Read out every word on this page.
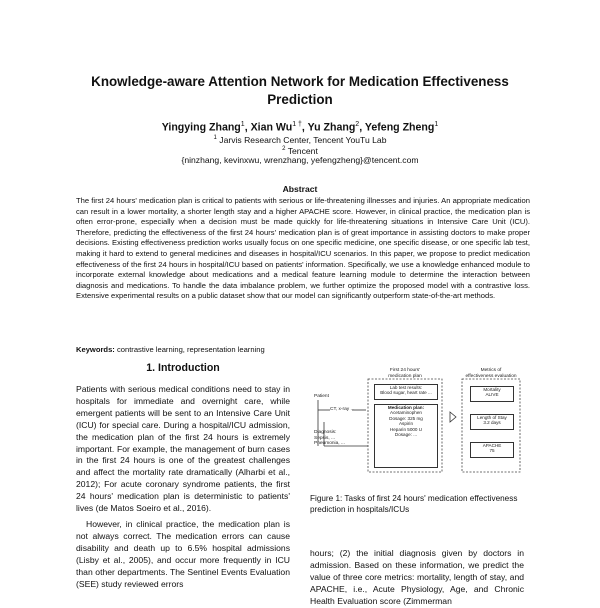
Knowledge-aware Attention Network for Medication Effectiveness
Prediction
Yingying Zhang$^1$, Xian $Wu^{1 \dagger}$, Yu Zhang$^2$, Yefeng Zheng$^1$
$^1$ Jarvis Research Center, Tencent YouTu Lab
$^2$ Tencent
{ninzhang, kevinxwu, wrenzhang, yefengzheng}@tencent.com
Abstract
The first 24 hours' medication plan is critical to patients with serious or life-threatening illnesses and injuries. An appropriate medication can result in a lower mortality, a shorter length stay and a higher APACHE score. However, in clinical practice, the medication plan is often error-prone, especially when a decision must be made quickly for life-threatening situations in Intensive Care Unit (ICU). Therefore, predicting the effectiveness of the first 24 hours' medication plan is of great importance in assisting doctors to make proper decisions. Existing effectiveness prediction works usually focus on one specific medicine, one specific disease, or one specific lab test, making it hard to extend to general medicines and diseases in hospital/ICU scenarios. In this paper, we propose to predict medication effectiveness of the first 24 hours in hospital/ICU based on patients' information. Specifically, we use a knowledge enhanced module to incorporate external knowledge about medications and a medical feature learning module to determine the interaction between diagnosis and medications. To handle the data imbalance problem, we further optimize the proposed model with a contrastive loss. Extensive experimental results on a public dataset show that our model can significantly outperform state-of-the-art methods.
Keywords: contrastive learning, representation learning
1. Introduction

Patients with serious medical conditions need to stay in hospitals for immediate and overnight care, while emergent patients will be sent to an Intensive Care Unit (ICU) for special care. During a hospital/ICU admission, the medication plan of the first 24 hours is extremely important. For example, the management of burn cases in the first 24 hours is one of the greatest challenges and affect the mortality rate dramatically (Alharbi et al., 2012); For acute coronary syndrome patients, the first 24 hours' medication plan is deterministic to patients' lives (de Matos Soeiro et al., 2016).

However, in clinical practice, the medication plan is not always correct. The medication errors can cause disability and death up to 6.5% hospital admissions (Lisby et al., 2005), and occur more frequently in ICU than other departments. The Sentinel Events Evaluation (SEE) study reviewed errors

Patient
CT, x-ray ...
Diagnosis:
Sepsis, ...
Pneumonia, ...
First 24 hours'
medication plan
Lab test results:
Blood sugar, heart rate ...
Medication plan:
Acetaminophen
Dosage: 325 mg
Aspirin
Heparin 5000 U
Dosage: ...
Metrics of
effectiveness evaluation
Mortality
ALIVE
Length of Stay
3.2 days
APACHE
75
Figure 1: Tasks of first 24 hours' medication effectiveness prediction in hospitals/ICUs

hours; (2) the initial diagnosis given by doctors in admission. Based on these information, we predict the value of three core metrics: mortality, length of stay, and APACHE, i.e., Acute Physiology, Age, and Chronic Health Evaluation score (Zimmerman
